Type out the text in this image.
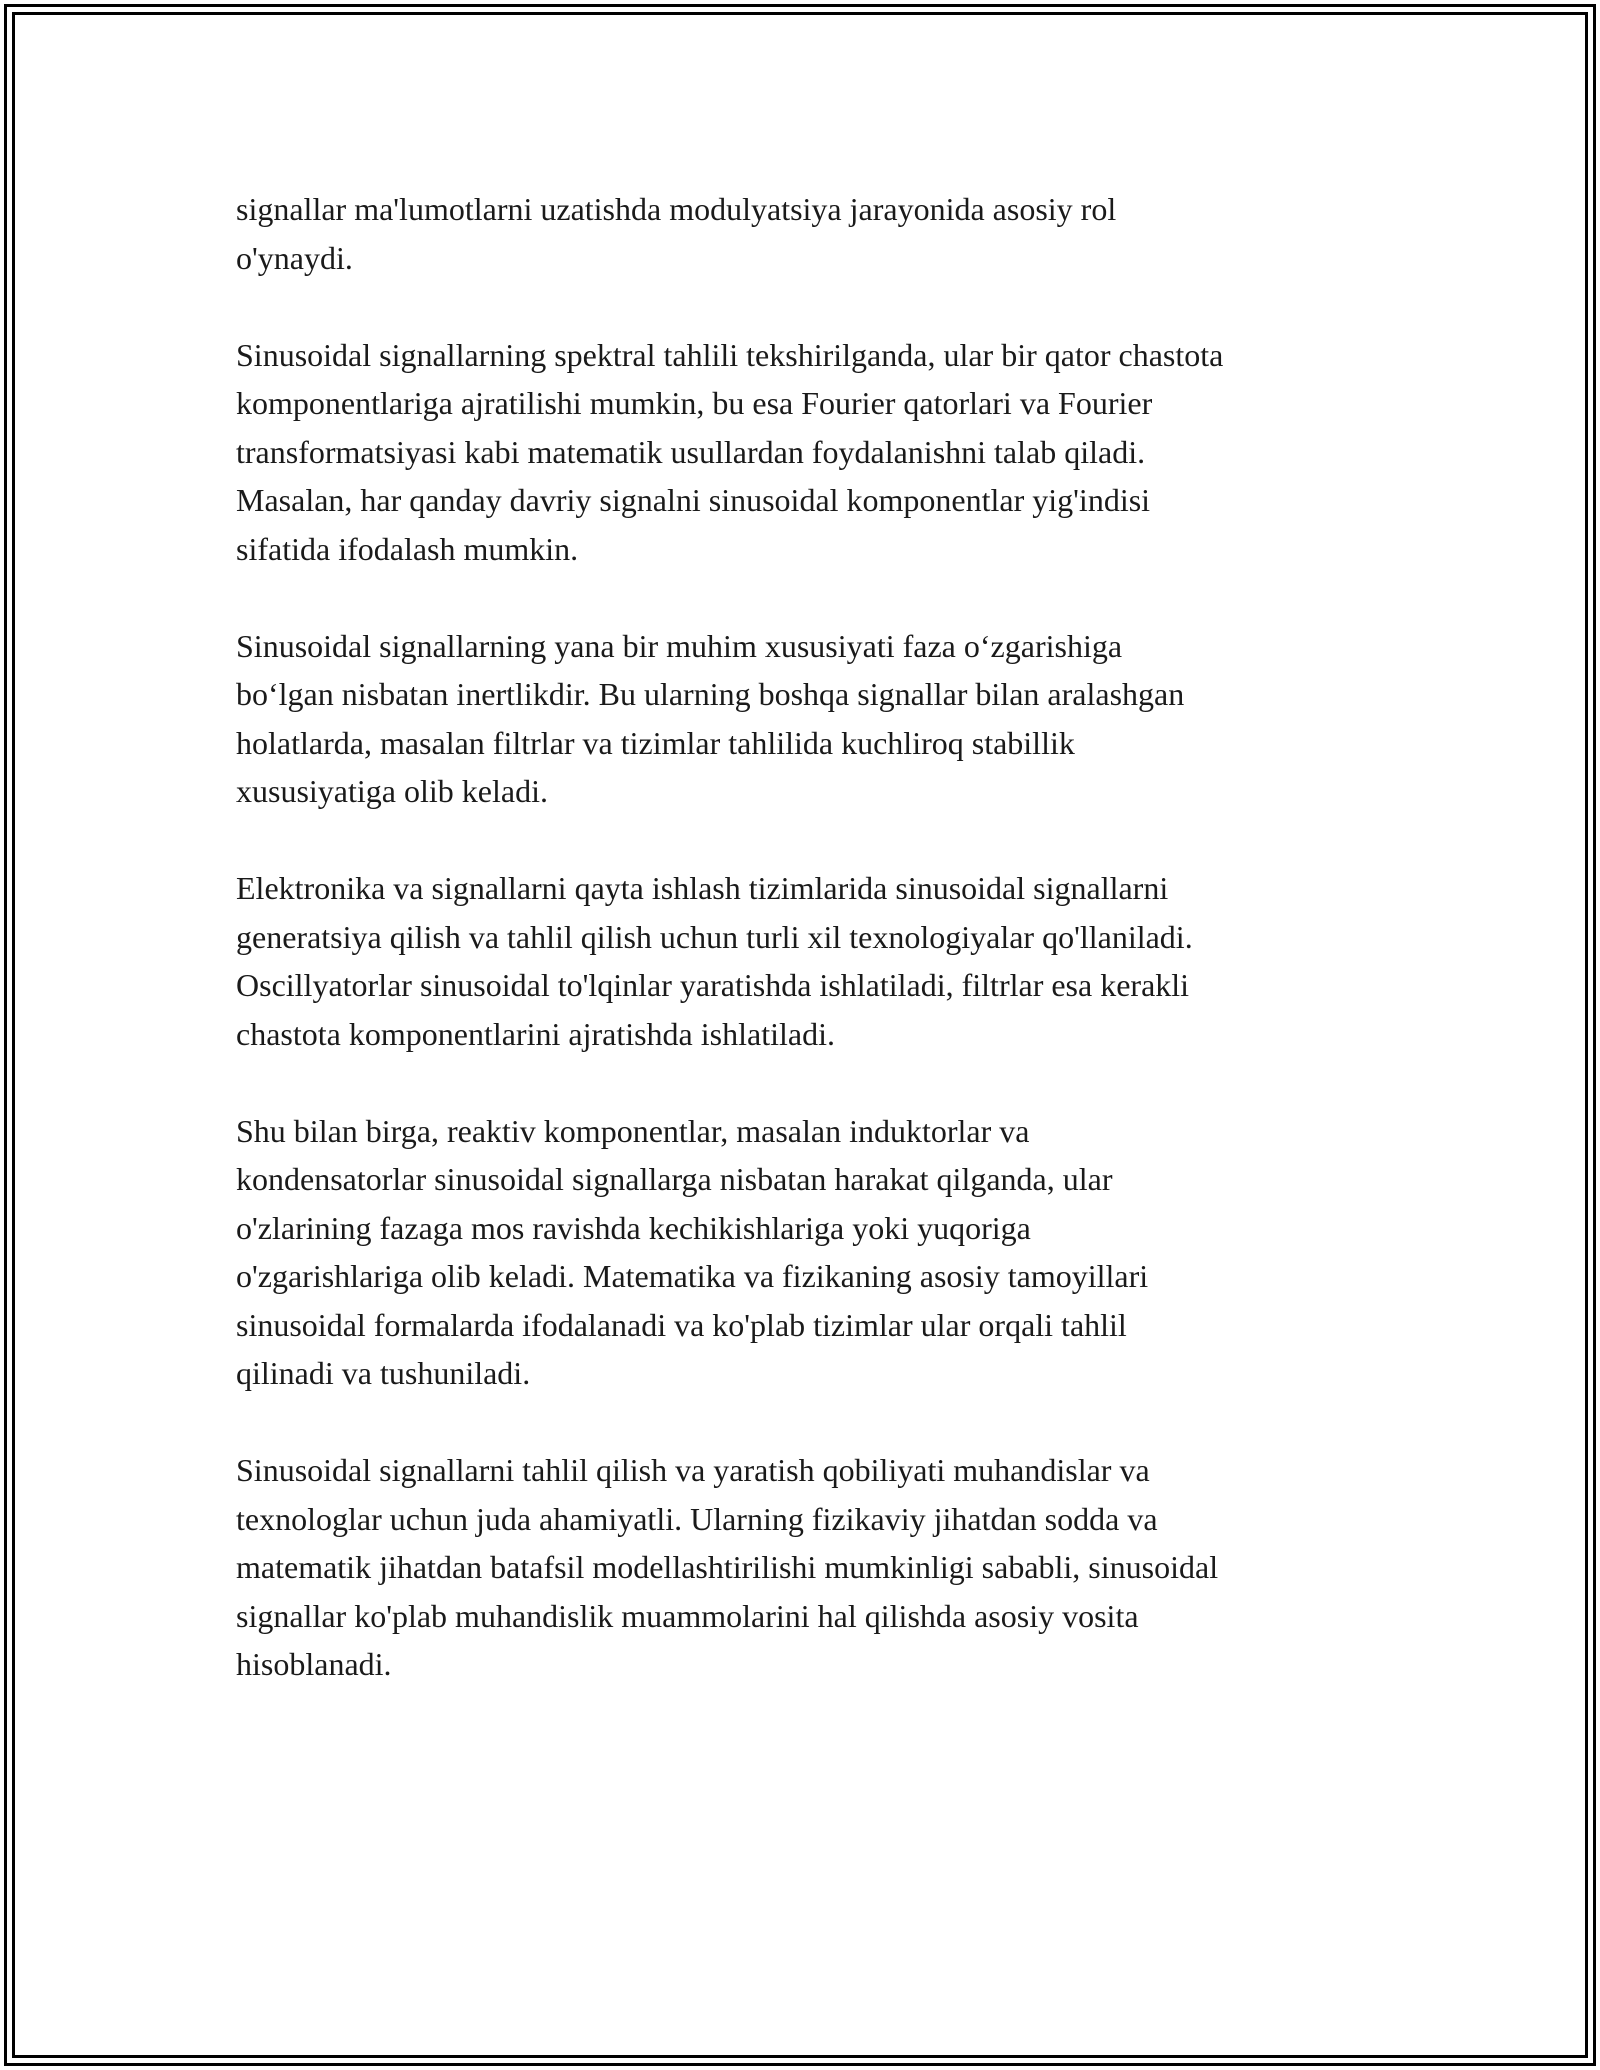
signallar ma'lumotlarni uzatishda modulyatsiya jarayonida asosiy rol
o'ynaydi.

Sinusoidal signallarning spektral tahlili tekshirilganda, ular bir qator chastota
komponentlariga ajratilishi mumkin, bu esa Fourier qatorlari va Fourier
transformatsiyasi kabi matematik usullardan foydalanishni talab qiladi.
Masalan, har qanday davriy signalni sinusoidal komponentlar yig'indisi
sifatida ifodalash mumkin.

Sinusoidal signallarning yana bir muhim xususiyati faza o‘zgarishiga
bo‘lgan nisbatan inertlikdir. Bu ularning boshqa signallar bilan aralashgan
holatlarda, masalan filtrlar va tizimlar tahlilida kuchliroq stabillik
xususiyatiga olib keladi.

Elektronika va signallarni qayta ishlash tizimlarida sinusoidal signallarni
generatsiya qilish va tahlil qilish uchun turli xil texnologiyalar qo'llaniladi.
Oscillyatorlar sinusoidal to'lqinlar yaratishda ishlatiladi, filtrlar esa kerakli
chastota komponentlarini ajratishda ishlatiladi.

Shu bilan birga, reaktiv komponentlar, masalan induktorlar va
kondensatorlar sinusoidal signallarga nisbatan harakat qilganda, ular
o'zlarining fazaga mos ravishda kechikishlariga yoki yuqoriga
o'zgarishlariga olib keladi. Matematika va fizikaning asosiy tamoyillari
sinusoidal formalarda ifodalanadi va ko'plab tizimlar ular orqali tahlil
qilinadi va tushuniladi.

Sinusoidal signallarni tahlil qilish va yaratish qobiliyati muhandislar va
texnologlar uchun juda ahamiyatli. Ularning fizikaviy jihatdan sodda va
matematik jihatdan batafsil modellashtirilishi mumkinligi sababli, sinusoidal
signallar ko'plab muhandislik muammolarini hal qilishda asosiy vosita
hisoblanadi.
